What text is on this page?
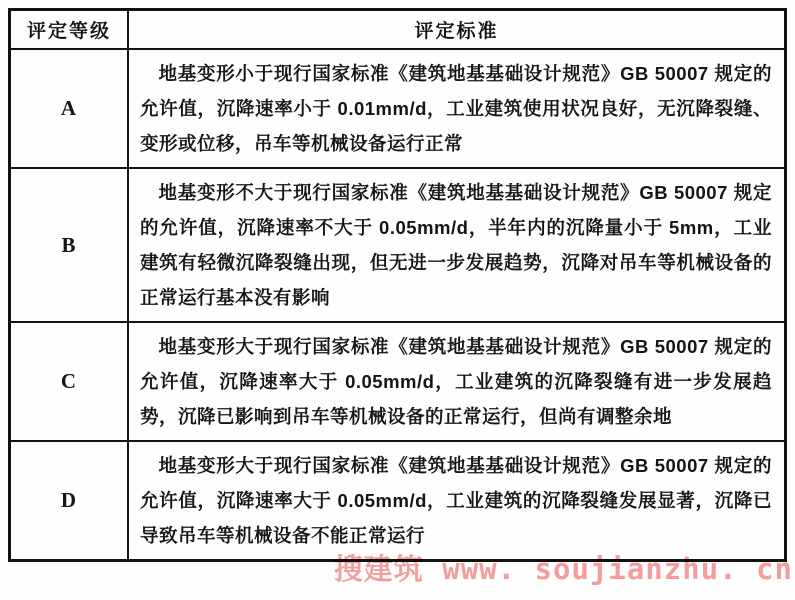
评定等级	评定标准
A	地基变形小于现行国家标准《建筑地基基础设计规范》GB 50007 规定的允许值，沉降速率小于 0.01mm/d，工业建筑使用状况良好，无沉降裂缝、变形或位移，吊车等机械设备运行正常
B	地基变形不大于现行国家标准《建筑地基基础设计规范》GB 50007 规定的允许值，沉降速率不大于 0.05mm/d，半年内的沉降量小于 5mm，工业建筑有轻微沉降裂缝出现，但无进一步发展趋势，沉降对吊车等机械设备的正常运行基本没有影响
C	地基变形大于现行国家标准《建筑地基基础设计规范》GB 50007 规定的允许值，沉降速率大于 0.05mm/d，工业建筑的沉降裂缝有进一步发展趋势，沉降已影响到吊车等机械设备的正常运行，但尚有调整余地
D	地基变形大于现行国家标准《建筑地基基础设计规范》GB 50007 规定的允许值，沉降速率大于 0.05mm/d，工业建筑的沉降裂缝发展显著，沉降已导致吊车等机械设备不能正常运行
搜建筑 www. soujianzhu. cn
